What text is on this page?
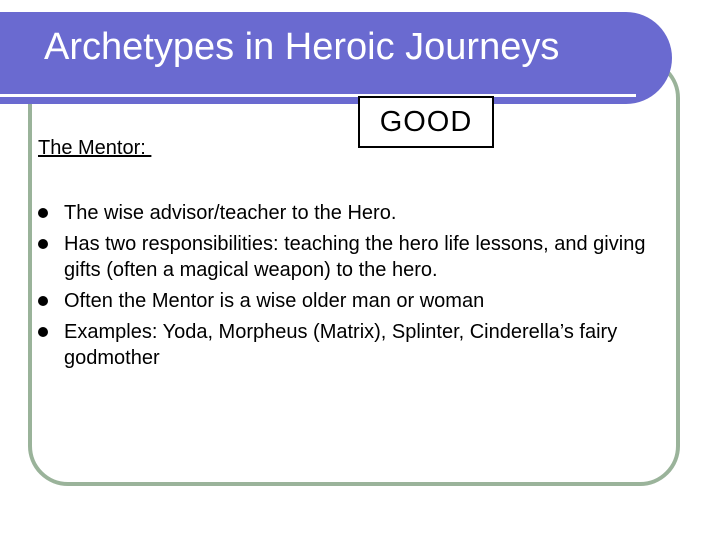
Archetypes in Heroic Journeys
The Mentor:
GOOD
The wise advisor/teacher to the Hero.
Has two responsibilities: teaching the hero life lessons, and giving gifts (often a magical weapon) to the hero.
Often the Mentor is a wise older man or woman
Examples: Yoda, Morpheus (Matrix), Splinter, Cinderella’s fairy godmother
